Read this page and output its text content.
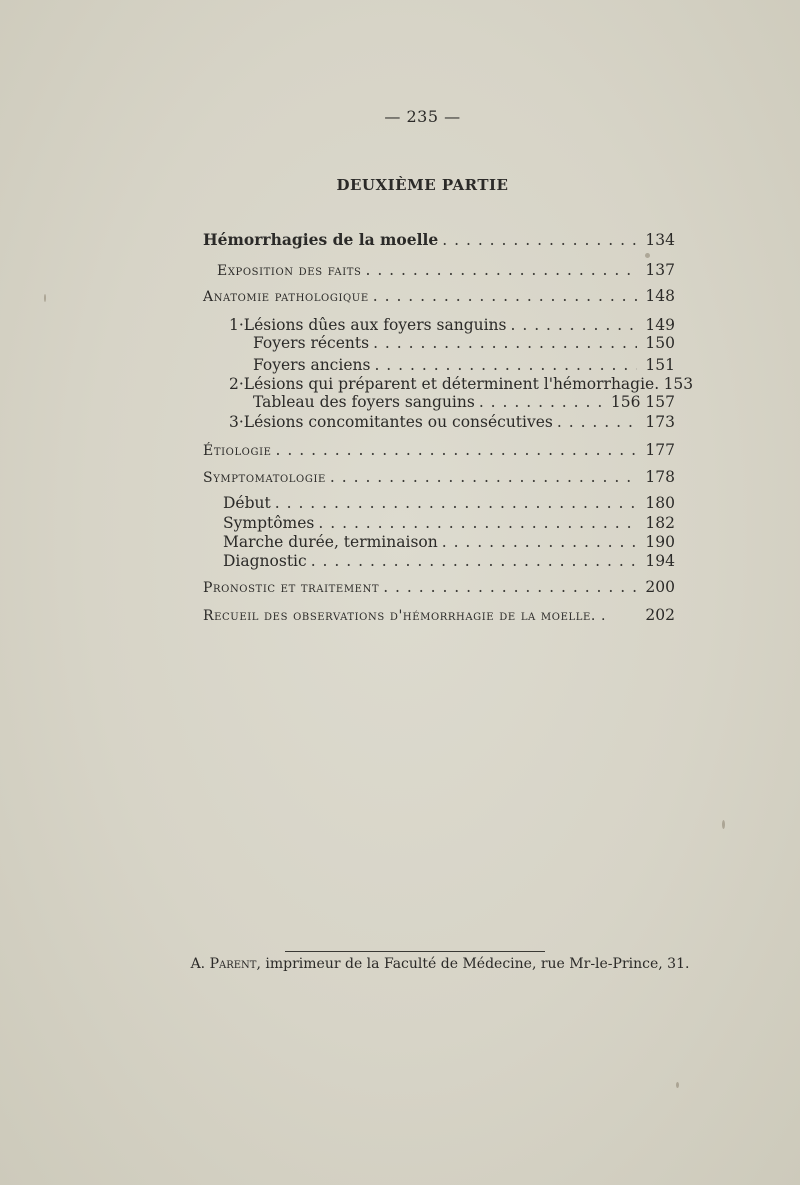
— 235 —
DEUXIÈME PARTIE
Hémorrhagies de la moelle . . .	134
Exposition des faits . . .	137
Anatomie pathologique . . .	148
1· Lésions dûes aux foyers sanguins . . .	149
Foyers récents . . .	150
Foyers anciens . . .	151
2· Lésions qui préparent et déterminent l'hémorrhagie. 153
Tableau des foyers sanguins . . .	156 157
3· Lésions concomitantes ou consécutives . . .	173
Étiologie . . .	177
Symptomatologie . . .	178
Début . . .	180
Symptômes . . .	182
Marche durée, terminaison . . .	190
Diagnostic . . .	194
Pronostic et traitement . . .	200
Recueil des observations d'hémorrhagie de la moelle. .	202
A. Parent, imprimeur de la Faculté de Médecine, rue Mr-le-Prince, 31.
